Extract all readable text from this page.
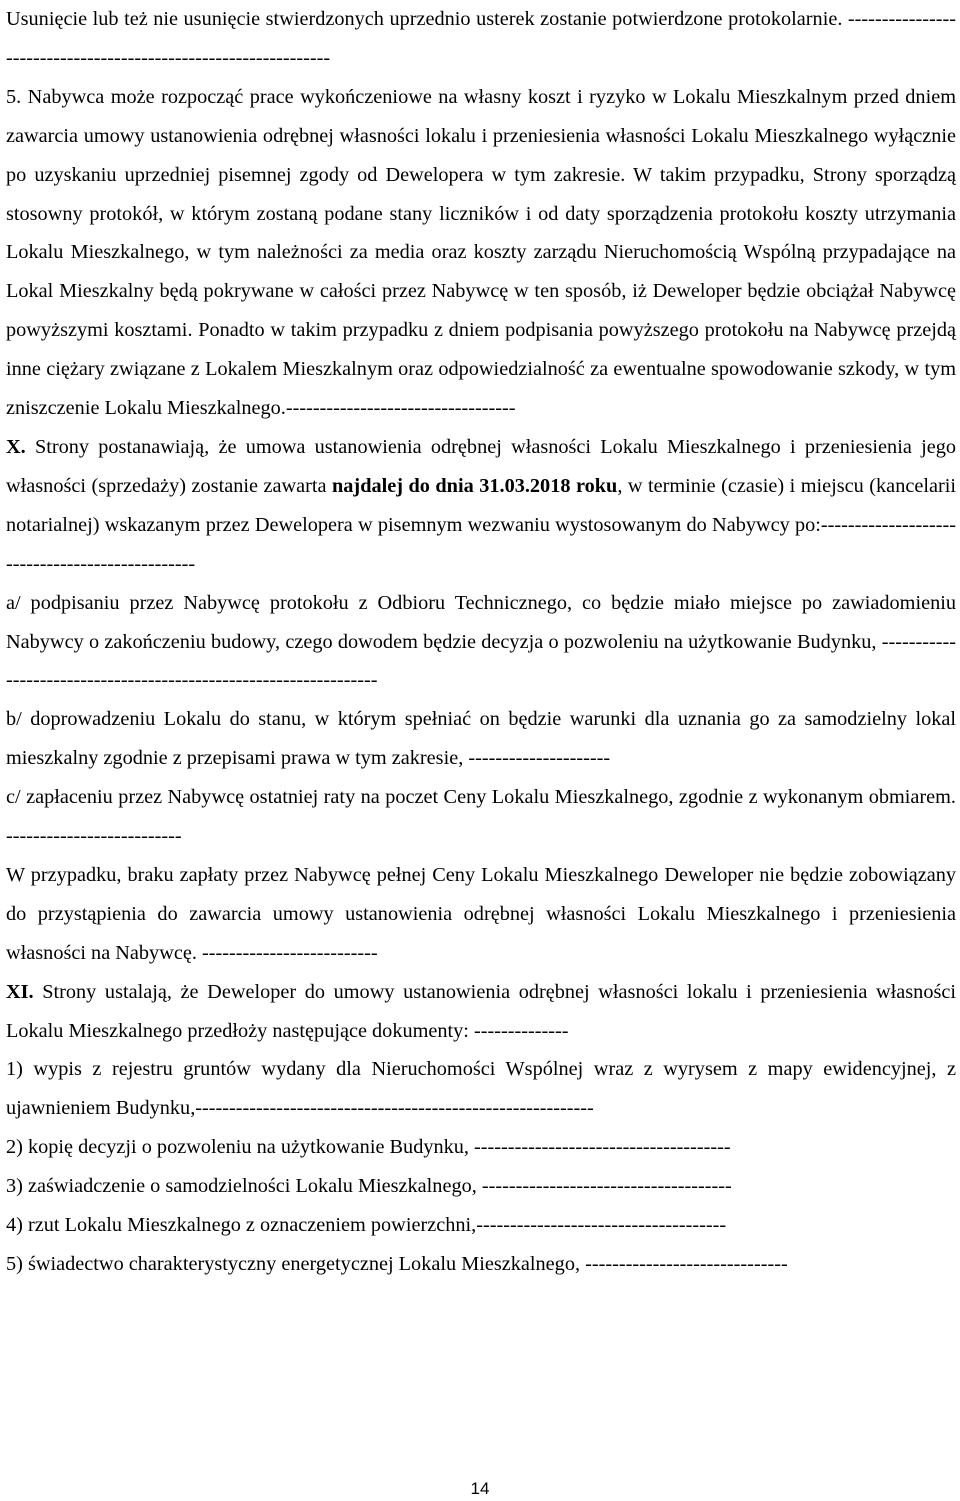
Usunięcie lub też nie usunięcie stwierdzonych uprzednio usterek zostanie potwierdzone protokolarnie. ----------------------------------------------------------------

5. Nabywca może rozpocząć prace wykończeniowe na własny koszt i ryzyko w Lokalu Mieszkalnym przed dniem zawarcia umowy ustanowienia odrębnej własności lokalu i przeniesienia własności Lokalu Mieszkalnego wyłącznie po uzyskaniu uprzedniej pisemnej zgody od Dewelopera w tym zakresie. W takim przypadku, Strony sporządzą stosowny protokół, w którym zostaną podane stany liczników i od daty sporządzenia protokołu koszty utrzymania Lokalu Mieszkalnego, w tym należności za media oraz koszty zarządu Nieruchomością Wspólną przypadające na Lokal Mieszkalny będą pokrywane w całości przez Nabywcę w ten sposób, iż Deweloper będzie obciążał Nabywcę powyższymi kosztami. Ponadto w takim przypadku z dniem podpisania powyższego protokołu na Nabywcę przejdą inne ciężary związane z Lokalem Mieszkalnym oraz odpowiedzialność za ewentualne spowodowanie szkody, w tym zniszczenie Lokalu Mieszkalnego.----------------------------------

X. Strony postanawiają, że umowa ustanowienia odrębnej własności Lokalu Mieszkalnego i przeniesienia jego własności (sprzedaży) zostanie zawarta najdalej do dnia 31.03.2018 roku, w terminie (czasie) i miejscu (kancelarii notarialnej) wskazanym przez Dewelopera w pisemnym wezwaniu wystosowanym do Nabywcy po:------------------------------------------------

a/ podpisaniu przez Nabywcę protokołu z Odbioru Technicznego, co będzie miało miejsce po zawiadomieniu Nabywcy o zakończeniu budowy, czego dowodem będzie decyzja o pozwoleniu na użytkowanie Budynku, ------------------------------------------------------------------

b/ doprowadzeniu Lokalu do stanu, w którym spełniać on będzie warunki dla uznania go za samodzielny lokal mieszkalny zgodnie z przepisami prawa w tym zakresie, ---------------------

c/ zapłaceniu przez Nabywcę ostatniej raty na poczet Ceny Lokalu Mieszkalnego, zgodnie z wykonanym obmiarem. --------------------------

W przypadku, braku zapłaty przez Nabywcę pełnej Ceny Lokalu Mieszkalnego Deweloper nie będzie zobowiązany do przystąpienia do zawarcia umowy ustanowienia odrębnej własności Lokalu Mieszkalnego i przeniesienia własności na Nabywcę. --------------------------

XI. Strony ustalają, że Deweloper do umowy ustanowienia odrębnej własności lokalu i przeniesienia własności Lokalu Mieszkalnego przedłoży następujące dokumenty: --------------

1) wypis z rejestru gruntów wydany dla Nieruchomości Wspólnej wraz z wyrysem z mapy ewidencyjnej, z ujawnieniem Budynku,-----------------------------------------------------------

2) kopię decyzji o pozwoleniu na użytkowanie Budynku, --------------------------------------

3) zaświadczenie o samodzielności Lokalu Mieszkalnego, -------------------------------------

4) rzut Lokalu Mieszkalnego z oznaczeniem powierzchni,-------------------------------------

5) świadectwo charakterystyczny energetycznej Lokalu Mieszkalnego, ------------------------------

14
